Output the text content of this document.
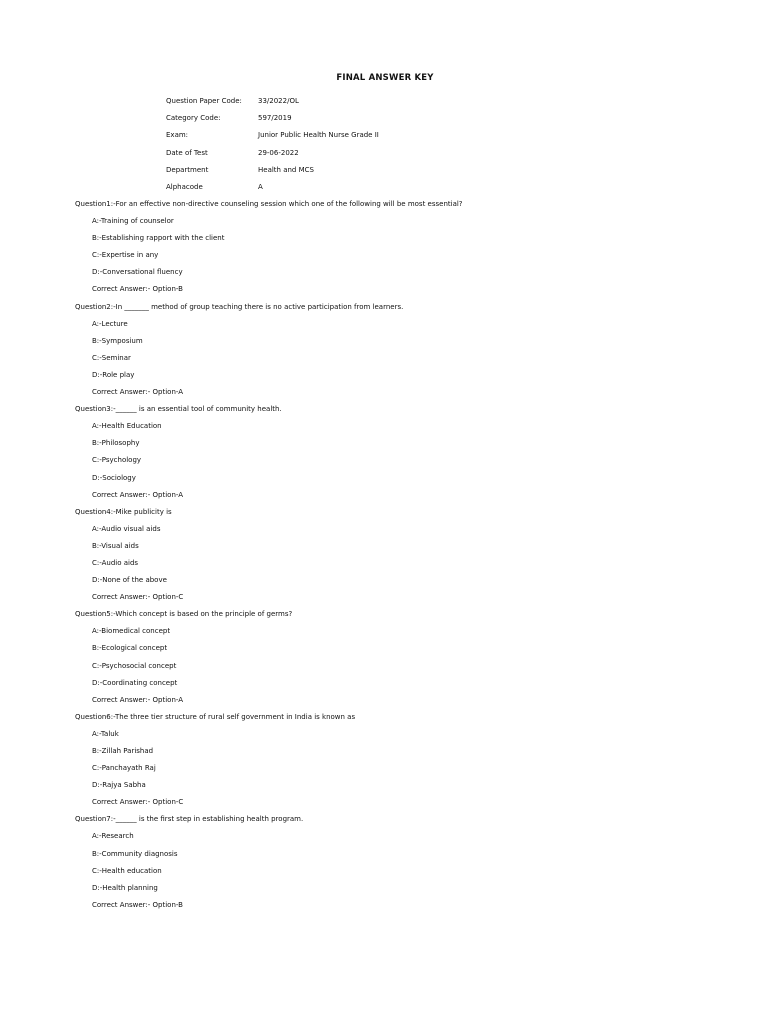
FINAL ANSWER KEY
Question Paper Code:	33/2022/OL
Category Code:	597/2019
Exam:	Junior Public Health Nurse Grade II
Date of Test	29-06-2022
Department	Health and MCS
Alphacode	A
Question1:-For an effective non-directive counseling session which one of the following will be most essential?
A:-Training of counselor
B:-Establishing rapport with the client
C:-Expertise in any
D:-Conversational fluency
Correct Answer:- Option-B
Question2:-In _______ method of group teaching there is no active participation from learners.
A:-Lecture
B:-Symposium
C:-Seminar
D:-Role play
Correct Answer:- Option-A
Question3:-______ is an essential tool of community health.
A:-Health Education
B:-Philosophy
C:-Psychology
D:-Sociology
Correct Answer:- Option-A
Question4:-Mike publicity is
A:-Audio visual aids
B:-Visual aids
C:-Audio aids
D:-None of the above
Correct Answer:- Option-C
Question5:-Which concept is based on the principle of germs?
A:-Biomedical concept
B:-Ecological concept
C:-Psychosocial concept
D:-Coordinating concept
Correct Answer:- Option-A
Question6:-The three tier structure of rural self government in India is known as
A:-Taluk
B:-Zillah Parishad
C:-Panchayath Raj
D:-Rajya Sabha
Correct Answer:- Option-C
Question7:-______ is the first step in establishing health program.
A:-Research
B:-Community diagnosis
C:-Health education
D:-Health planning
Correct Answer:- Option-B
